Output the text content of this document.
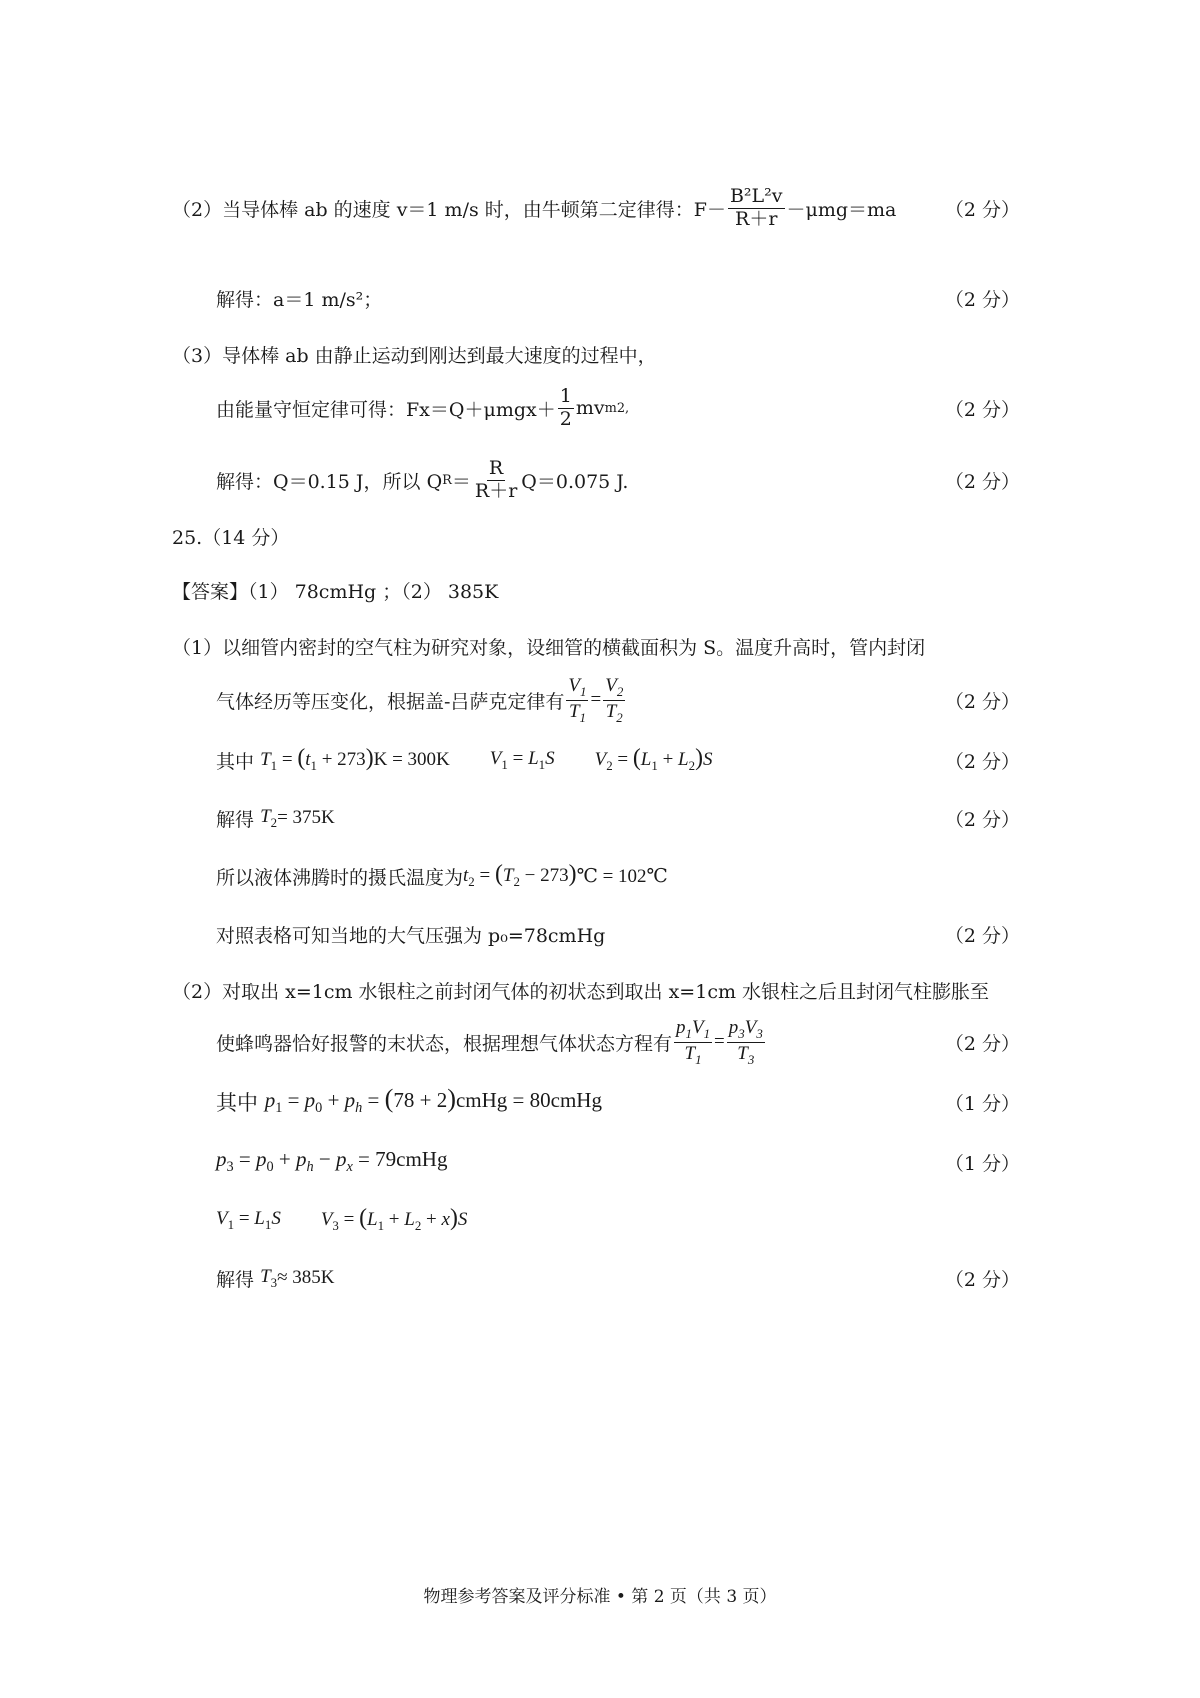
（2）当导体棒 ab 的速度 v＝1 m/s 时，由牛顿第二定律得：$F- \frac{\text{B²L²v}}{R+r} -\mu mg=ma$	（2 分）
解得：a＝1 m/s²；	（2 分）
（3）导体棒 ab 由静止运动到刚达到最大速度的过程中，
由能量守恒定律可得：$Fx=Q+\mu mgx+ \frac{1}{2}$ mv m 2,	（2 分）
解得：Q＝0.15 J，所以 Q $R = \frac{R}{R+r} Q=0.075$ J.	（2 分）
25.（14 分）
【答案】（1） 78cmHg ；（2） 385K
（1）以细管内密封的空气柱为研究对象，设细管的横截面积为 S。温度升高时，管内封闭
气体经历等压变化，根据盖-吕萨克定律有 $\frac{V_1}{T_1} = \frac{V_2}{T_2}$	（2 分）
其中
$T_1 = (t_1 + 273)K = 300K$ $V_1 = L_1S$ $V_2 = (L_1 + L_2)S$	（2 分）
解得
$T_2 = 375K$	（2 分）
所以液体沸腾时的摄氏温度为 $t_2 = (T_2 - 273)$ ℃ = 102℃
对照表格可知当地的大气压强为 p₀=78cmHg	（2 分）
（2）对取出 x=1cm 水银柱之前封闭气体的初状态到取出 x=1cm 水银柱之后且封闭气柱膨胀至
使蜂鸣器恰好报警的末状态，根据理想气体状态方程有 $\frac{p_1V_1}{T_1} = \frac{p_3V_3}{T_3}$	（2 分）
其中
$p_1 = p_0 + p_h = (78$ + 2)cmHg = 80cmHg	（1 分）
$p_3 = p_0 + p_h - p_x$ = 79cmHg	（1 分）
$V_1 = L_1S$ $V_3 = (L_1 + L_2 + x)S$
解得
$T_3 \approx 385K$	（2 分）
物理参考答案及评分标准 • 第 2 页（共 3 页）
